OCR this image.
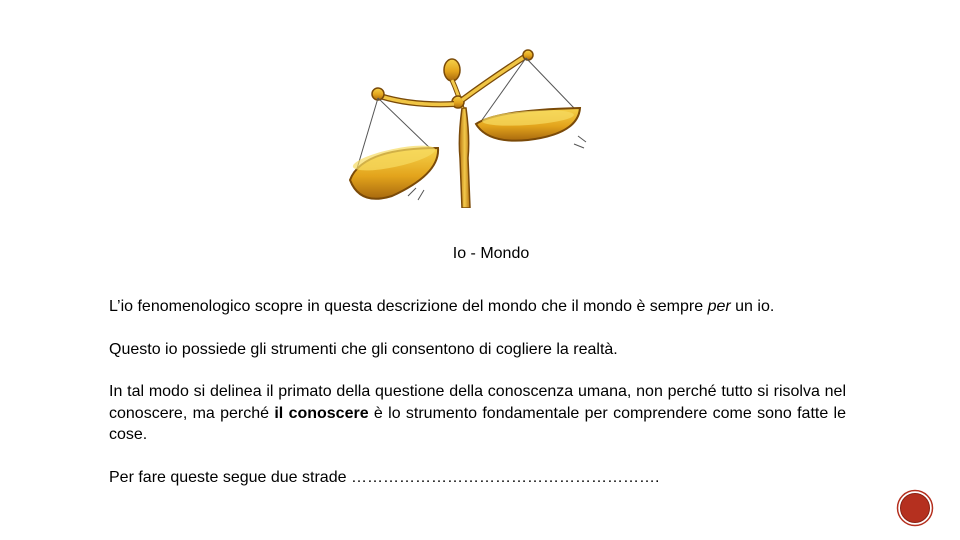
Io - Mondo

L’io fenomenologico scopre in questa descrizione del mondo che il mondo è sempre per un io.

Questo io possiede gli strumenti che gli consentono di cogliere la realtà.

In tal modo si delinea il primato della questione della conoscenza umana, non perché tutto si risolva nel conoscere, ma perché il conoscere è lo strumento fondamentale per comprendere come sono fatte le cose.

Per fare queste segue due strade ………………………………………………….
